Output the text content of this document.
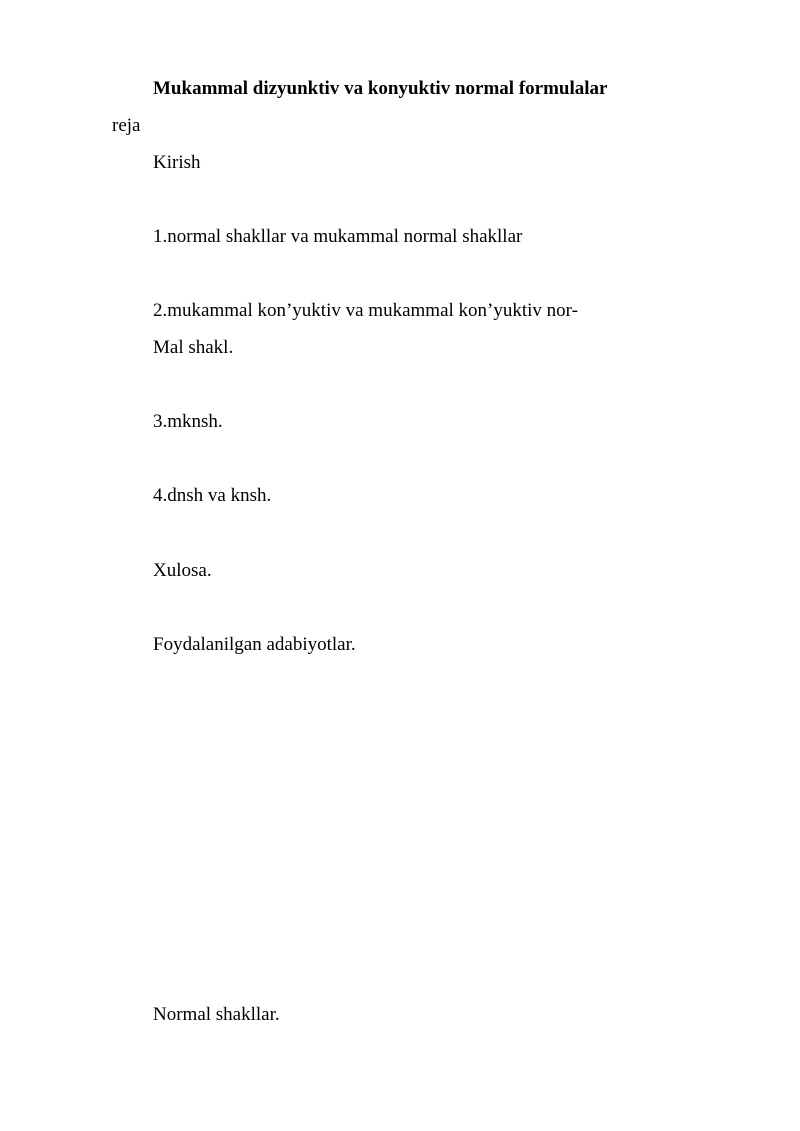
Mukammal dizyunktiv va konyuktiv normal formulalar
reja
Kirish
1.normal shakllar va mukammal normal shakllar
2.mukammal kon’yuktiv va mukammal kon’yuktiv nor-
Mal shakl.
3.mknsh.
4.dnsh va knsh.
Xulosa.
Foydalanilgan adabiyotlar.
Normal shakllar.
